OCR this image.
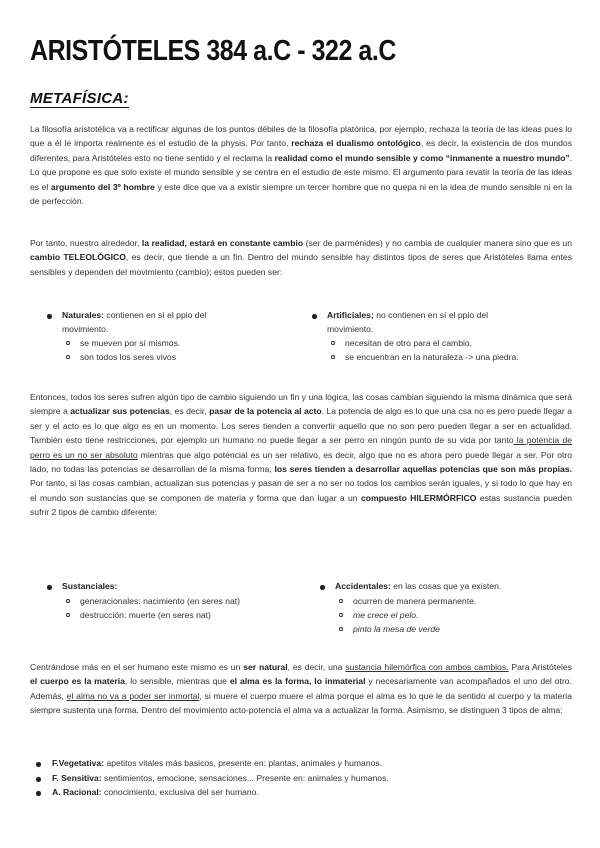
ARISTÓTELES 384 a.C - 322 a.C
METAFÍSICA:

La filosofía aristotélica va a rectificar algunas de los puntos débiles de la filosofía platónica, por ejemplo, rechaza la teoría de las ideas pues lo que a él le importa realmente es el estudio de la physis. Por tanto, rechaza el dualismo ontológico, es decir, la existencia de dos mundos diferentes, para Aristóteles esto no tiene sentido y el reclama la realidad como el mundo sensible y como “inmanente a nuestro mundo”. Lo que propone es que solo existe el mundo sensible y se centra en el estudio de este mismo. El argumento para revatir la teoría de las ideas es el argumento del 3º hombre y este dice que va a existir siempre un tercer hombre que no quepa ni en la idea de mundo sensible ni en la de perfección.

Por tanto, nuestro alrededor, la realidad, estará en constante cambio (ser de parménides) y no cambia de cualquier manera sino que es un cambio TELEOLÓGICO, es decir, que tiende a un fin. Dentro del mundo sensible hay distintos tipos de seres que Aristóteles llama entes sensibles y dependen del movimiento (cambio); estos pueden ser:

Naturales: contienen en sí el ppio del
movimiento.
se mueven por sí mismos.
son todos los seres vivos
Artificiales; no contienen en sí el ppio del
movimiento.
necesitan de otro para el cambio.
se encuentran en la naturaleza -> una piedra.

Entonces, todos los seres sufren algún tipo de cambio siguiendo un fin y una lógica, las cosas cambian siguiendo la misma dinámica que será siempre a actualizar sus potencias, es decir, pasar de la potencia al acto. La potencia de algo es lo que una csa no es pero puede llegar a ser y el acto es lo que algo es en un momento. Los seres tienden a convertir aquello que no son pero pueden llegar a ser en actualidad. También esto tiene restricciones, por ejemplo un humano no puede llegar a ser perro en ningún punto de su vida por tanto la potencia de perro es un no ser absoluto mientras que algo potencial es un ser relativo, es decir, algo que no es ahora pero puede llegar a ser. Por otro lado, no todas las potencias se desarrollan de la misma forma, los seres tienden a desarrollar aquellas potencias que son más propias. Por tanto, si las cosas cambian, actualizan sus potencias y pasan de ser a no ser no todos los cambios serán iguales, y si todo lo que hay en el mundo son sustancias que se componen de materia y forma que dan lugar a un compuesto HILERMÓRFICO estas sustancia pueden sufrir 2 tipos de cambio diferente:

Sustanciales:
generacionales: nacimiento (en seres nat)
destrucción: muerte (en seres nat)
Accidentales: en las cosas que ya existen.
ocurren de manera permanente.
me crece el pelo.
pinto la mesa de verde

Centrándose más en el ser humano este mismo es un ser natural, es decir, una sustancia hilemórfica con ambos cambios. Para Aristóteles el cuerpo es la materia, lo sensible, mientras que el alma es la forma, lo inmaterial y necesariamente van acompañados el uno del otro. Además, el alma no va a poder ser inmortal, si muere el cuerpo muere el alma porque el alma es lo que le da sentido al cuerpo y la materia siempre sustenta una forma. Dentro del movimiento acto-potencia el alma va a actualizar la forma. Asimismo, se distinguen 3 tipos de alma:

F.Vegetativa: apetitos vitales más basicos, presente en: plantas, animales y humanos.
F. Sensitiva: sentimientos, emocione, sensaciones... Presente en: animales y humanos.
A. Racional: conocimiento, exclusiva del ser humano.
